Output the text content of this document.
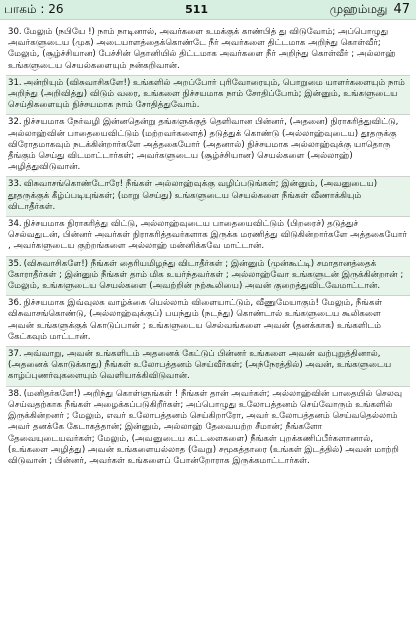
பாகம் : 26	511	முஹம்மது 47

30. மேலும் (நபியே !) நாம் நாடினால், அவர்களை உமக்குக் காண்பித் து விடுவோம்; அப்பொழுது அவர்களுடைய (முக) அடையாளத்தைக்கொண்டே நீர் அவர்களை திட்டமாக அறிந்து கொள்வீர்; மேலும், (சூழ்ச்சியான) பேச்சின் தொனியில் திட்டமாக அவர்களை நீர் அறிந்து கொள்வீர் ; அல்லாஹ் உங்களுடைய செயல்களையும் நன்கறிவான்.

31. அன்றியும் (விசுவாசிகளே!) உங்களில் அறப்போர் புரிவோரையும், பொறுமை யாளர்களையும் நாம் அறிந்து (அறிவித்து) விடும் வரை, உங்களை நிச்சயமாக நாம் சோதிப்போம்; இன்னும், உங்களுடைய செய்திகளையும் நிச்சயமாக நாம் சோதித்துவோம்.

32. நிச்சயமாக நேர்வழி இன்னதென்று தங்களுக்குத் தெளிவான பின்னர், (அதனை) நிராகரித்துவிட்டு, அல்லாஹ்வின் பாதையைவிட்டும் (மற்றவர்களைத்) தடுத்துக் கொண்டு (அல்லாஹ்வுடைய) தூதருக்கு விரோதமாகவும் நடக்கின்றார்களே அத்தகையோர் (அதனால்) நிச்சயமாக அல்லாஹ்வுக்கு யாதொரு தீங்கும் செய்து விடமாட்டார்கள்; அவர்களுடைய (சூழ்ச்சியான) செயல்களை (அல்லாஹ்) அழித்துவிடுவான்.

33. விசுவாசங்கொண்டோரே! நீங்கள் அல்லாஹ்வுக்கு வழிப்படுங்கள்; இன்னும், (அவனுடைய) தூதருக்குக் கீழ்ப்படியுங்கள்; (மாறு செய்து) உங்களுடைய செயல்களை நீங்கள் வீணாக்கியும் விடாதீர்கள்.

34. நிச்சயமாக நிராகரித்து விட்டு, அல்லாஹ்வுடைய பாதையைவிட்டும் (பிறரைச்) தடுத்துச் செல்வதுடன், பின்னர் அவர்கள் நிராகரித்தவர்களாக இருக்க மரணித்து விடுகின்றார்களே அத்தகையோர் , அவர்களுடைய குற்றங்களை அல்லாஹ் மன்னிக்கவே மாட்டான்.

35. (விசுவாசிகளே!) நீங்கள் தைரியமிழந்து விடாதீர்கள் ; இன்னும் (முன்கூட்டி) சமாதானத்தைக் கோராதீர்கள் ; இன்னும் நீங்கள் தாம் மிக உயர்ந்தவர்கள் ; அல்லாஹ்வோ உங்களுடன் இருக்கின்றான் ; மேலும், உங்களுடைய செயல்களை (அவற்றின் நற்கூலியை) அவன் குறைத்துவிடவேமாட்டான்.

36. நிச்சயமாக இவ்வுலக வாழ்க்கை யெல்லாம் விளையாட்டும், வீணுமேயாகும்! மேலும், நீங்கள் விசுவாசங்கொண்டு, (அல்லாஹ்வுக்குப்) பயந்தும் (நடந்து) கொண்டால் உங்களுடைய கூலிகளை அவன் உங்களுக்குக் கொடுப்பான் ; உங்களுடைய செல்வங்களை அவன் (தனக்காக) உங்களிடம் கேட்கவும் மாட்டான்.

37. அவ்வாறு, அவன் உங்களிடம் அதனைக் கேட்டுப் பின்னர் உங்களை அவன் வற்புறுத்தினால், (அதனைக் கொடுக்காது) நீங்கள் உலோபத்தனம் செய்வீர்கள்; (அந்நேரத்தில்) அவன், உங்களுடைய காழ்ப்புணர்வுகளையும் வெளியாக்கிவிடுவான்.

38. (மனிதர்களே!) அறிந்து கொள்ளுங்கள் ! நீங்கள் தான் அவர்கள்; அல்லாஹ்வின் பாதையில் செலவு செய்வதற்காக நீங்கள் அழைக்கப்படுகிறீர்கள்; அப்பொழுது உலோபத்தனம் செய்வோரும் உங்களில் இருக்கின்றனர் ; மேலும், எவர் உலோபத்தனம் செய்கிறாரோ, அவர் உலோபத்தனம் செய்வதெல்லாம் அவர் தனக்கே கேடாகத்தான்; இன்னும், அல்லாஹ் தேவையற்ற சீமான்; நீங்களோ தேவையுடையவர்கள்; மேலும், (அவனுடைய கட்டளைகளை) நீங்கள் புறக்கணிப்பீர்களானால், (உங்களை அழித்து) அவன் உங்களையல்லாத (வேறு) சமூகத்தாரை (உங்கள் இடத்தில்) அவன் மாற்றி விடுவான் ; பின்னர், அவர்கள் உங்களைப் போன்றோராக இருக்கமாட்டார்கள்.
